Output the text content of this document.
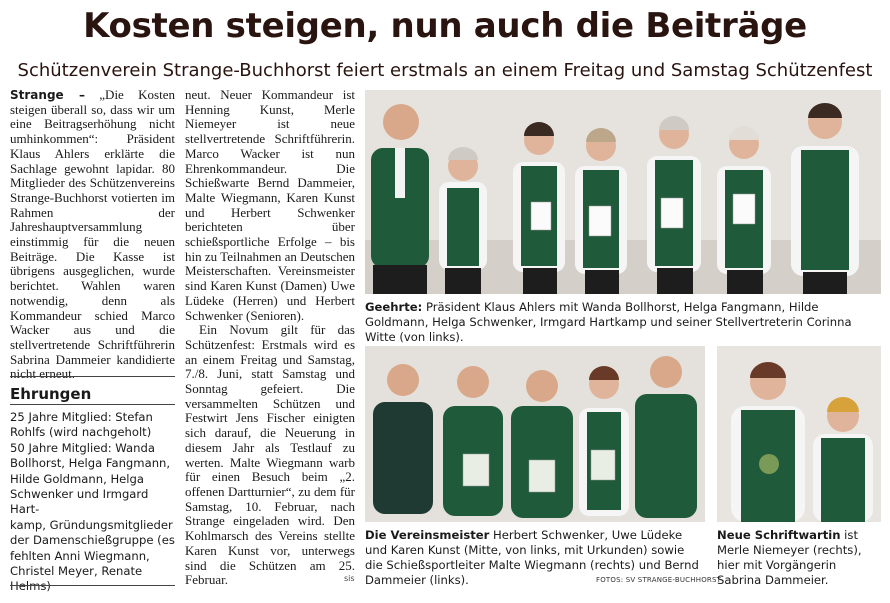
Kosten steigen, nun auch die Beiträge
Schützenverein Strange-Buchhorst feiert erstmals an einem Freitag und Samstag Schützenfest

Strange – „Die Kosten steigen überall so, dass wir um eine Beitragserhöhung nicht umhinkommen“: Präsident Klaus Ahlers erklärte die Sachlage gewohnt lapidar. 80 Mitglieder des Schützenvereins Strange-Buchhorst votierten im Rahmen der Jahreshauptversammlung einstimmig für die neuen Beiträge. Die Kasse ist übrigens ausgeglichen, wurde berichtet. Wahlen waren notwendig, denn als Kommandeur schied Marco Wacker aus und die stellvertretende Schriftführerin Sabrina Dammeier kandidierte nicht erneut.

neut. Neuer Kommandeur ist Henning Kunst, Merle Niemeyer ist neue stellvertretende Schriftführerin. Marco Wacker ist nun Ehrenkommandeur. Die Schießwarte Bernd Dammeier, Malte Wiegmann, Karen Kunst und Herbert Schwenker berichteten über schießsportliche Erfolge – bis hin zu Teilnahmen an Deutschen Meisterschaften. Vereinsmeister sind Karen Kunst (Damen) Uwe Lüdeke (Herren) und Herbert Schwenker (Senioren).

Ein Novum gilt für das Schützenfest: Erstmals wird es an einem Freitag und Samstag, 7./8. Juni, statt Samstag und Sonntag gefeiert. Die versammelten Schützen und Festwirt Jens Fischer einigten sich darauf, die Neuerung in diesem Jahr als Testlauf zu werten. Malte Wiegmann warb für einen Besuch beim „2. offenen Dartturnier“, zu dem für Samstag, 10. Februar, nach Strange eingeladen wird. Den Kohlmarsch des Vereins stellte Karen Kunst vor, unterwegs sind die Schützen am 25. Februar.	sis
Ehrungen
25 Jahre Mitglied: Stefan
Rohlfs (wird nachgeholt)
50 Jahre Mitglied: Wanda
Bollhorst, Helga Fangmann,
Hilde Goldmann, Helga
Schwenker und Irmgard Hart-
kamp, Gründungsmitglieder
der Damenschießgruppe (es
fehlten Anni Wiegmann,
Christel Meyer, Renate
Helms)
Geehrte: Präsident Klaus Ahlers mit Wanda Bollhorst, Helga Fangmann, Hilde Goldmann, Helga Schwenker, Irmgard Hartkamp und seiner Stellvertreterin Corinna Witte (von links).
Die Vereinsmeister Herbert Schwenker, Uwe Lüdeke und Karen Kunst (Mitte, von links, mit Urkunden) sowie die Schießsportleiter Malte Wiegmann (rechts) und Bernd Dammeier (links).	FOTOS: SV STRANGE-BUCHHORST
Neue Schriftwartin ist Merle Niemeyer (rechts), hier mit Vorgängerin Sabrina Dammeier.
